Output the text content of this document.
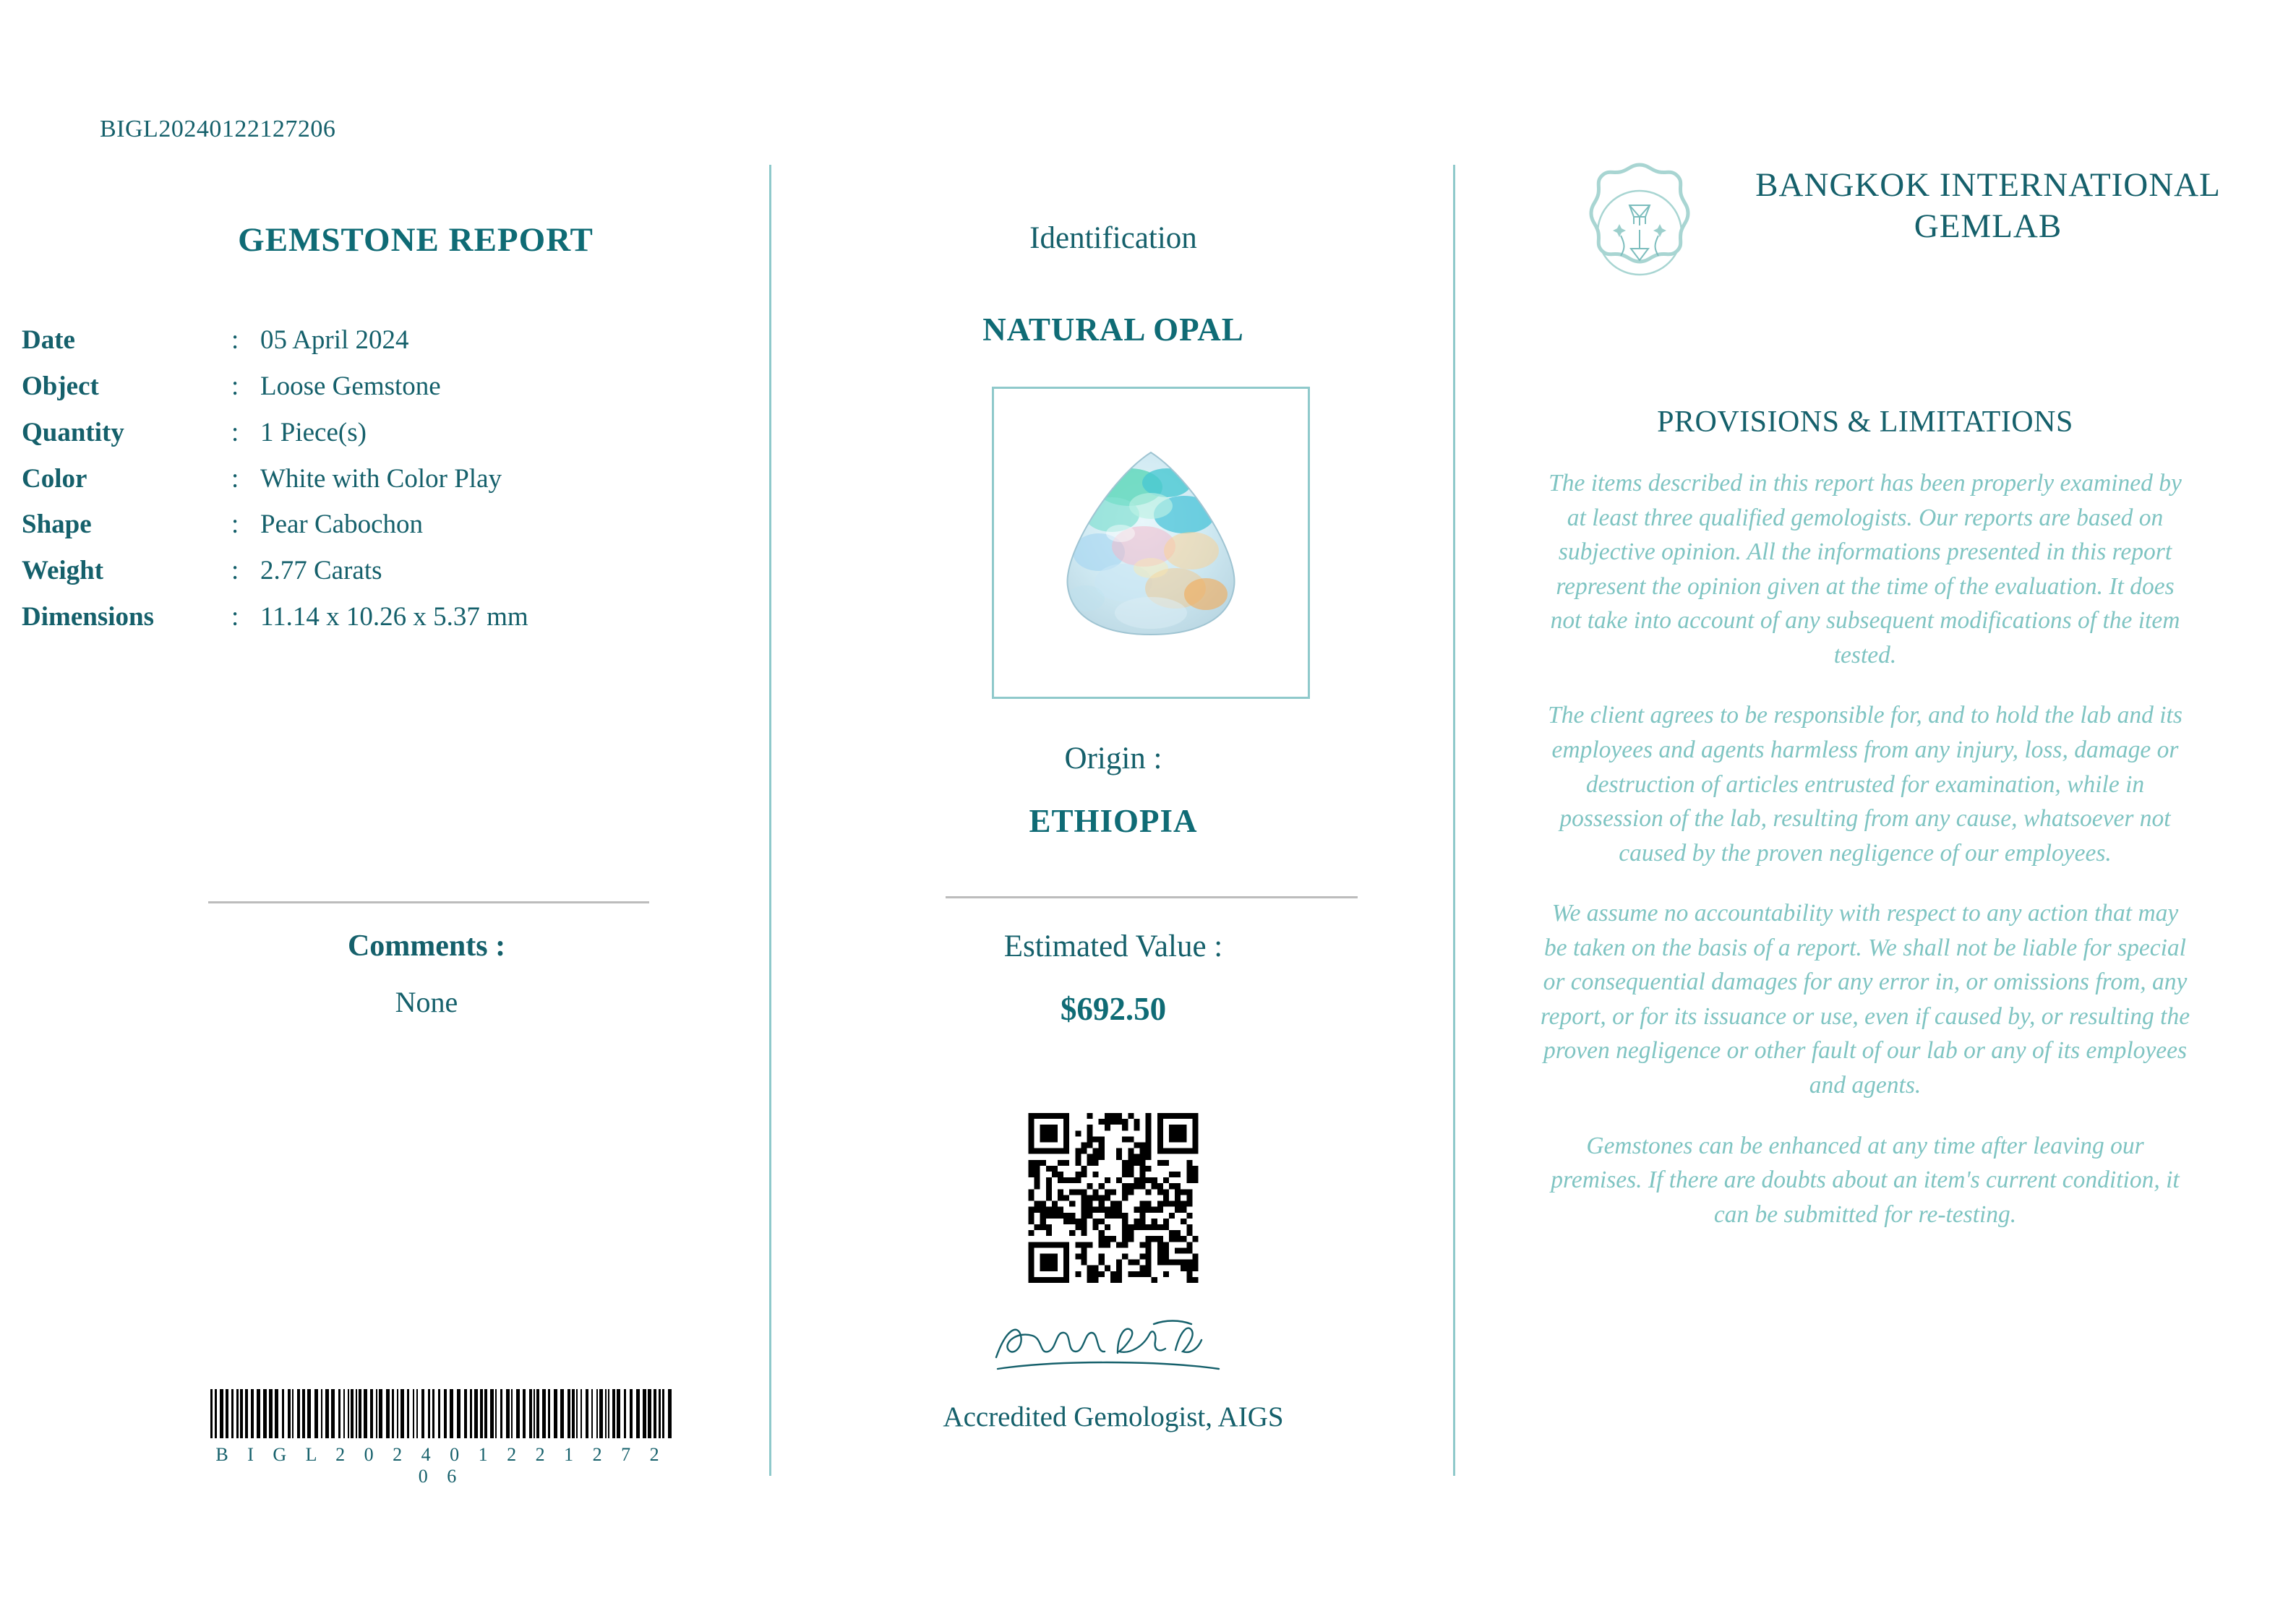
BIGL20240122127206
GEMSTONE REPORT
Date	:	05 April 2024
Object	:	Loose Gemstone
Quantity	:	1 Piece(s)
Color	:	White with Color Play
Shape	:	Pear Cabochon
Weight	:	2.77 Carats
Dimensions	:	11.14 x 10.26 x 5.37 mm
Comments :
None
B I G L 2 0 2 4 0 1 2 2 1 2 7 2 0 6
Identification
NATURAL OPAL
Origin :
ETHIOPIA
Estimated Value :
$692.50
Accredited Gemologist, AIGS
BANGKOK INTERNATIONAL GEMLAB
PROVISIONS & LIMITATIONS

The items described in this report has been properly examined by at least three qualified gemologists. Our reports are based on subjective opinion. All the informations presented in this report represent the opinion given at the time of the evaluation. It does not take into account of any subsequent modifications of the item tested.

The client agrees to be responsible for, and to hold the lab and its employees and agents harmless from any injury, loss, damage or destruction of articles entrusted for examination, while in possession of the lab, resulting from any cause, whatsoever not caused by the proven negligence of our employees.

We assume no accountability with respect to any action that may be taken on the basis of a report. We shall not be liable for special or consequential damages for any error in, or omissions from, any report, or for its issuance or use, even if caused by, or resulting the proven negligence or other fault of our lab or any of its employees and agents.

Gemstones can be enhanced at any time after leaving our premises. If there are doubts about an item's current condition, it can be submitted for re-testing.
